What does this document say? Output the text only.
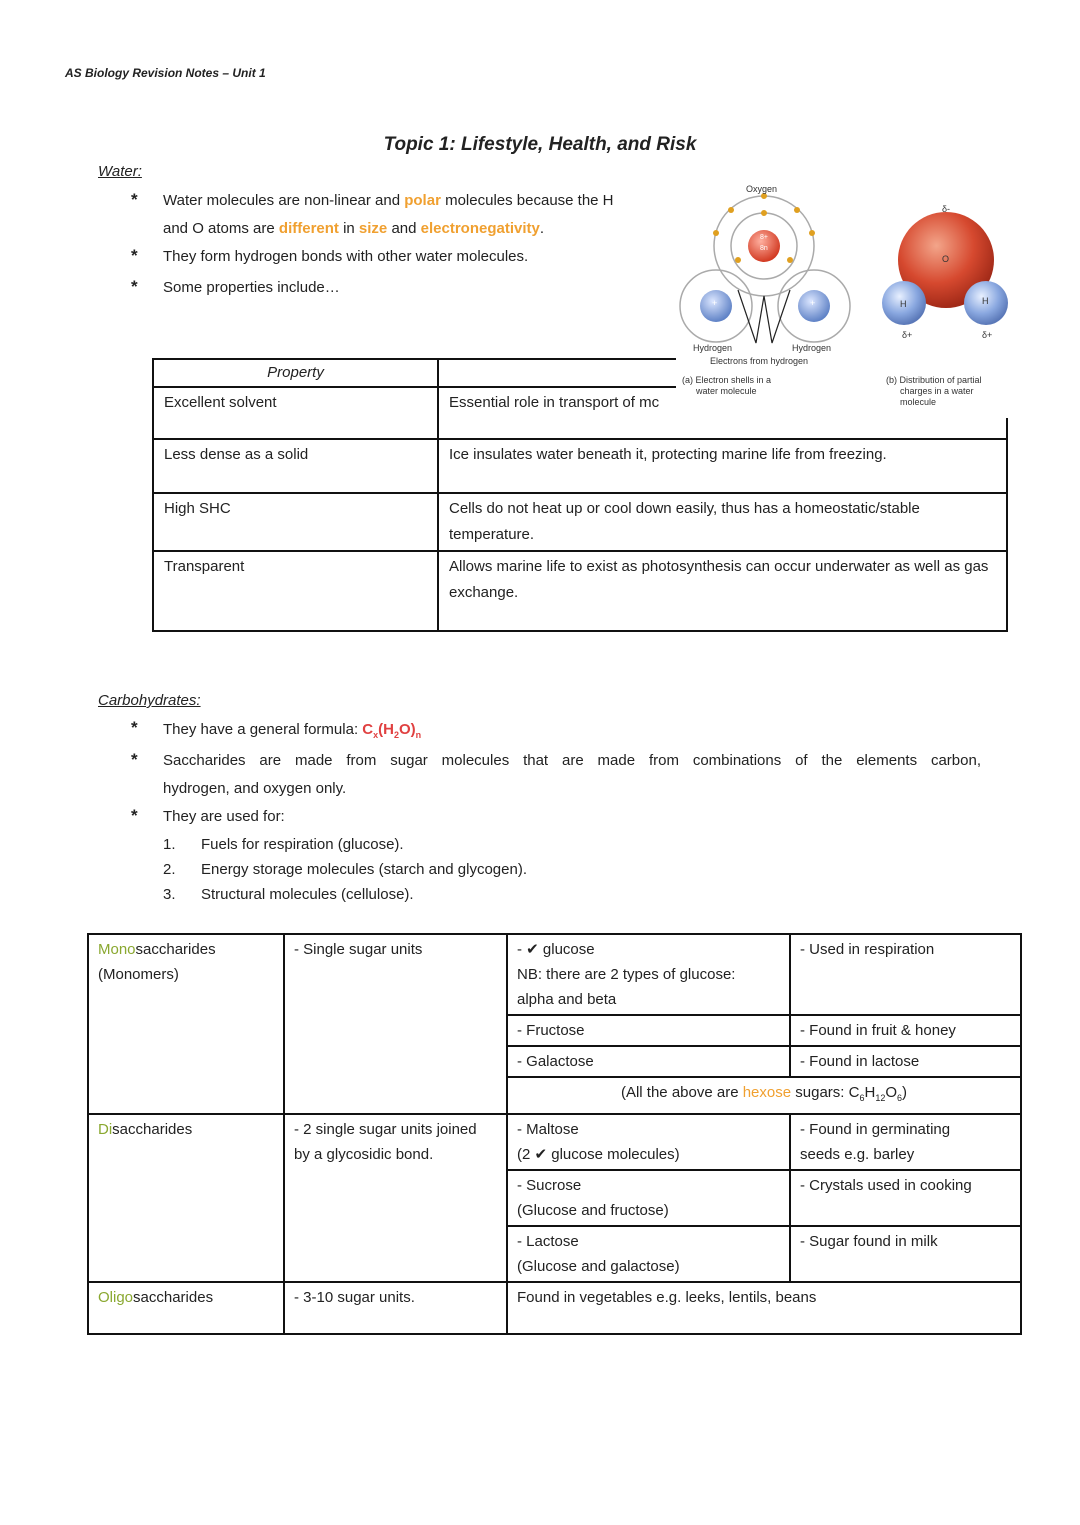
AS Biology Revision Notes – Unit 1
Topic 1: Lifestyle, Health, and Risk
Water:
* Water molecules are non-linear and polar molecules because the H
and O atoms are different in size and electronegativity.
* They form hydrogen bonds with other water molecules.
* Some properties include…
Property	
Excellent solvent	Essential role in transport of mc
Less dense as a solid	Ice insulates water beneath it, protecting marine life from freezing.
High SHC	Cells do not heat up or cool down easily, thus has a homeostatic/stable temperature.
Transparent	Allows marine life to exist as photosynthesis can occur underwater as well as gas exchange.
Oxygen
8+
8n
+	+
Hydrogen	Hydrogen
Electrons from hydrogen
(a) Electron shells in a
water molecule
δ-
O
H	H
δ+	δ+
(b) Distribution of partial
charges in a water
molecule
Carbohydrates:
* They have a general formula: $C_x(H_2O)_n$
* Saccharides are made from sugar molecules that are made from combinations of the elements carbon,
hydrogen, and oxygen only.
* They are used for:
1. Fuels for respiration (glucose).
2. Energy storage molecules (starch and glycogen).
3. Structural molecules (cellulose).
Monosaccharides
(Monomers)	- Single sugar units	- ✔ glucose
NB: there are 2 types of glucose:
alpha and beta	- Used in respiration
		- Fructose	- Found in fruit & honey
		- Galactose	- Found in lactose
		(All the above are hexose sugars: $C_6H_{12}O_6$)	
Disaccharides	- 2 single sugar units joined
by a glycosidic bond.	- Maltose
(2 ✔ glucose molecules)	- Found in germinating
seeds e.g. barley
		- Sucrose
(Glucose and fructose)	- Crystals used in cooking
		- Lactose
(Glucose and galactose)	- Sugar found in milk
Oligosaccharides	- 3-10 sugar units.	Found in vegetables e.g. leeks, lentils, beans	
